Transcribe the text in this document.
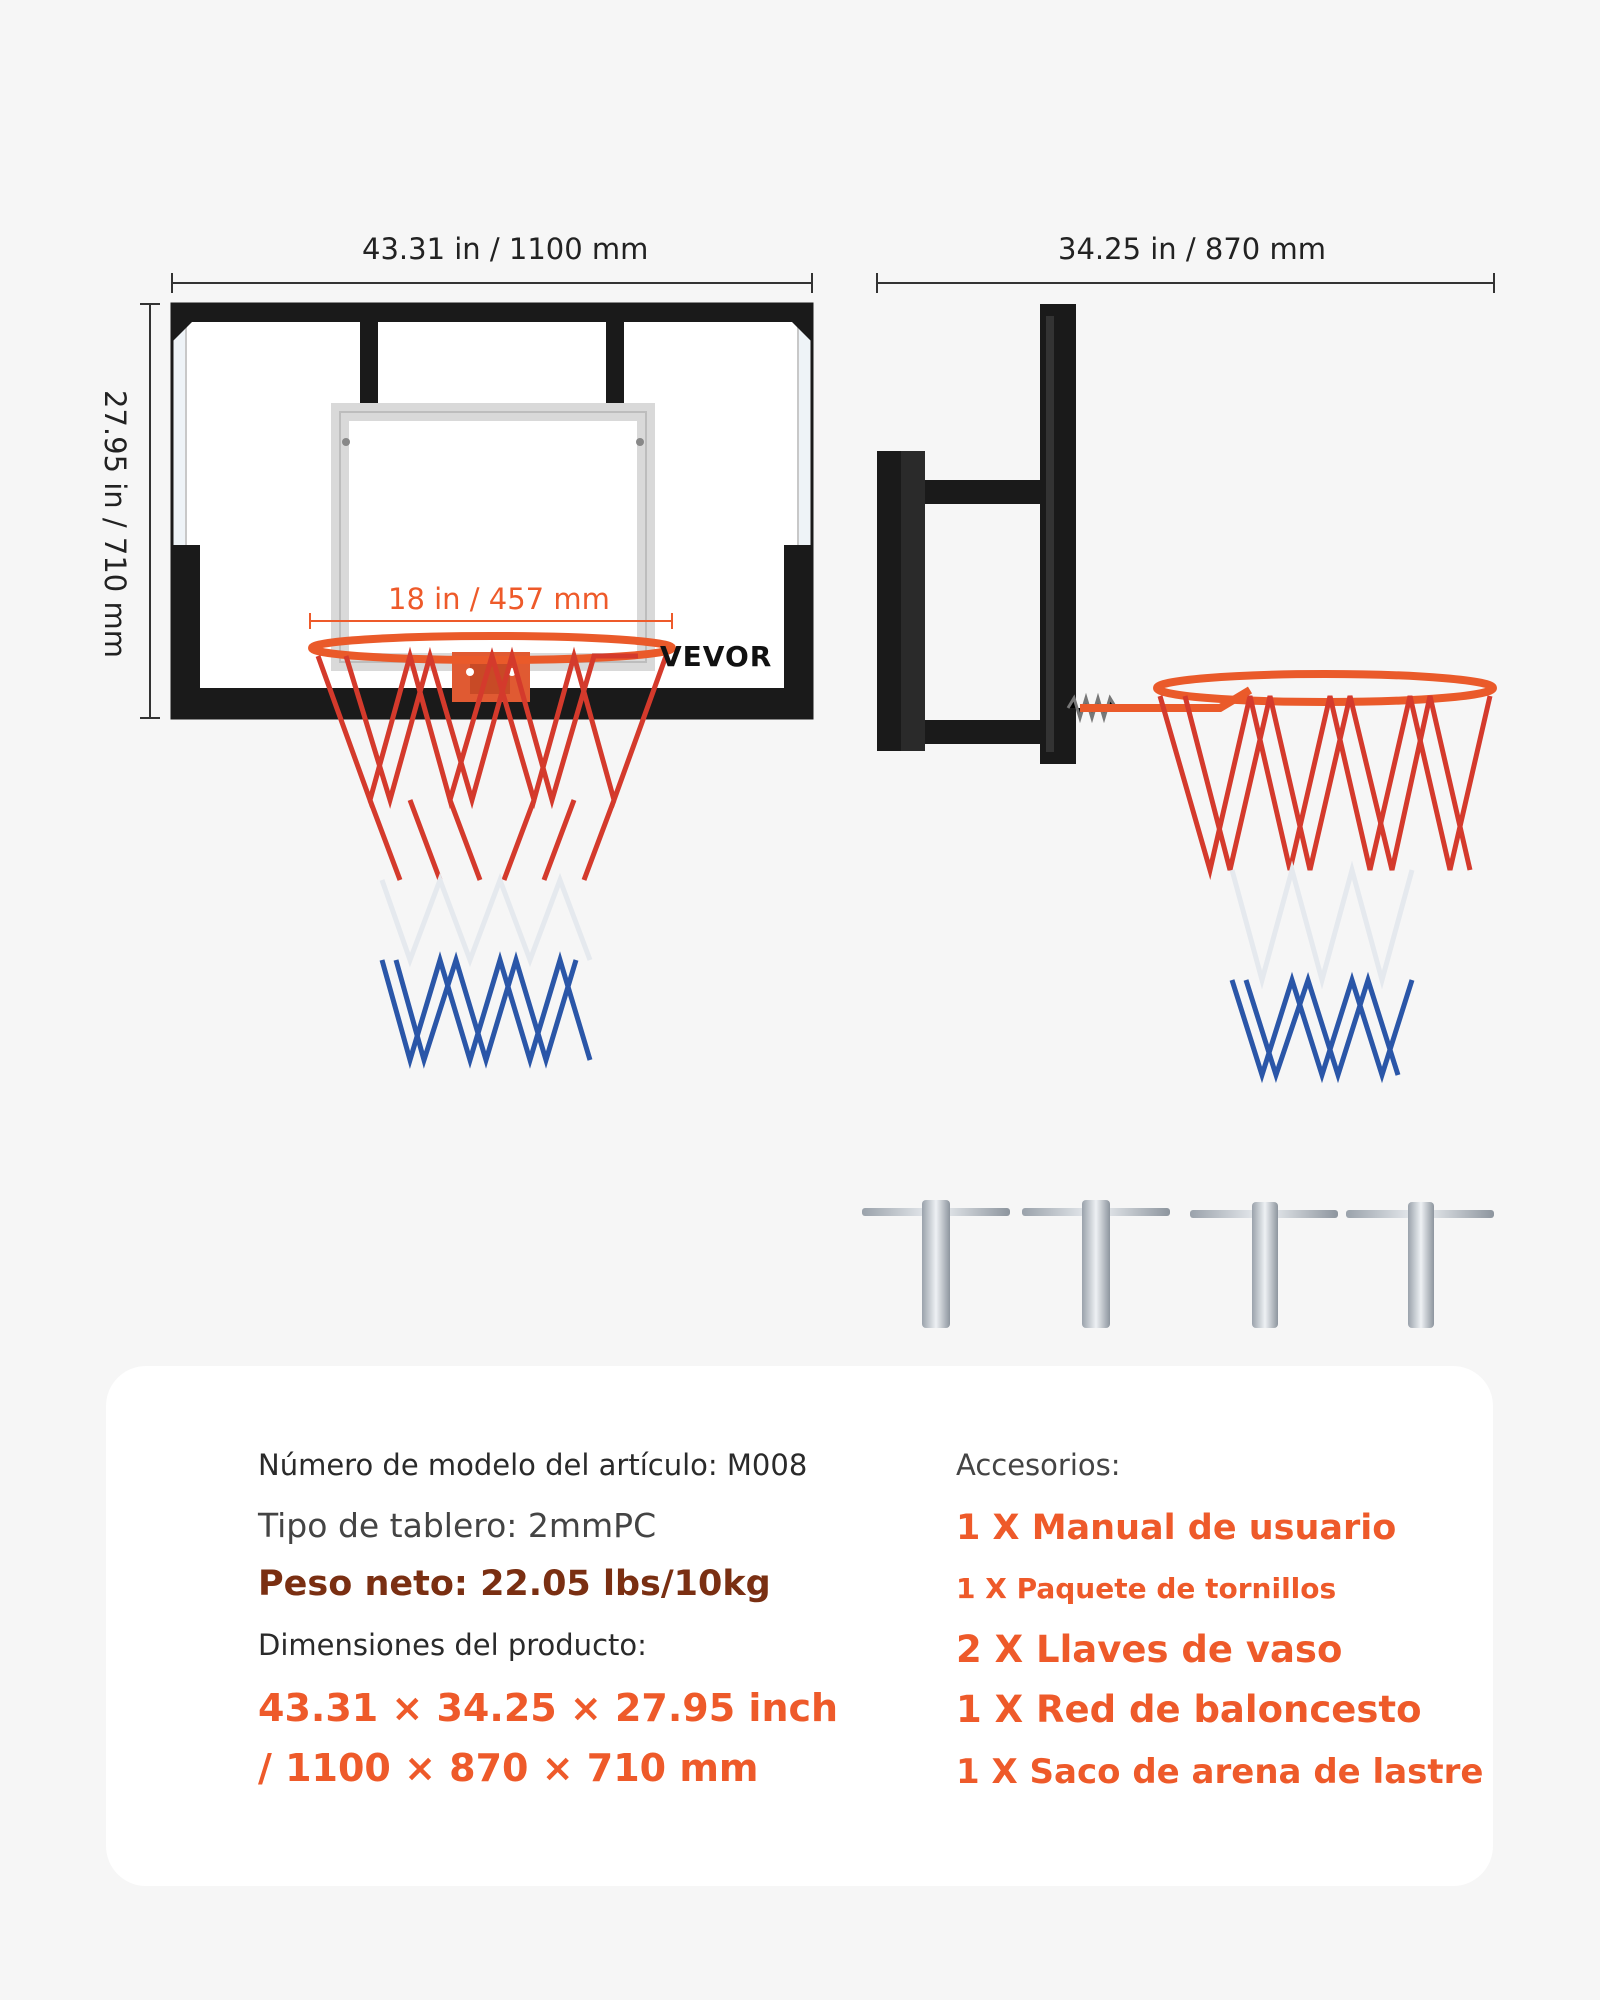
43.31 in / 1100 mm	34.25 in / 870 mm
27.95 in / 710 mm	18 in / 457 mm
VEVOR
Número de modelo del artículo: M008
Tipo de tablero: 2mmPC
Peso neto: 22.05 lbs/10kg
Dimensiones del producto:
43.31 × 34.25 × 27.95 inch
/ 1100 × 870 × 710 mm
Accesorios:
1 X Manual de usuario
1 X Paquete de tornillos
2 X Llaves de vaso
1 X Red de baloncesto
1 X Saco de arena de lastre
